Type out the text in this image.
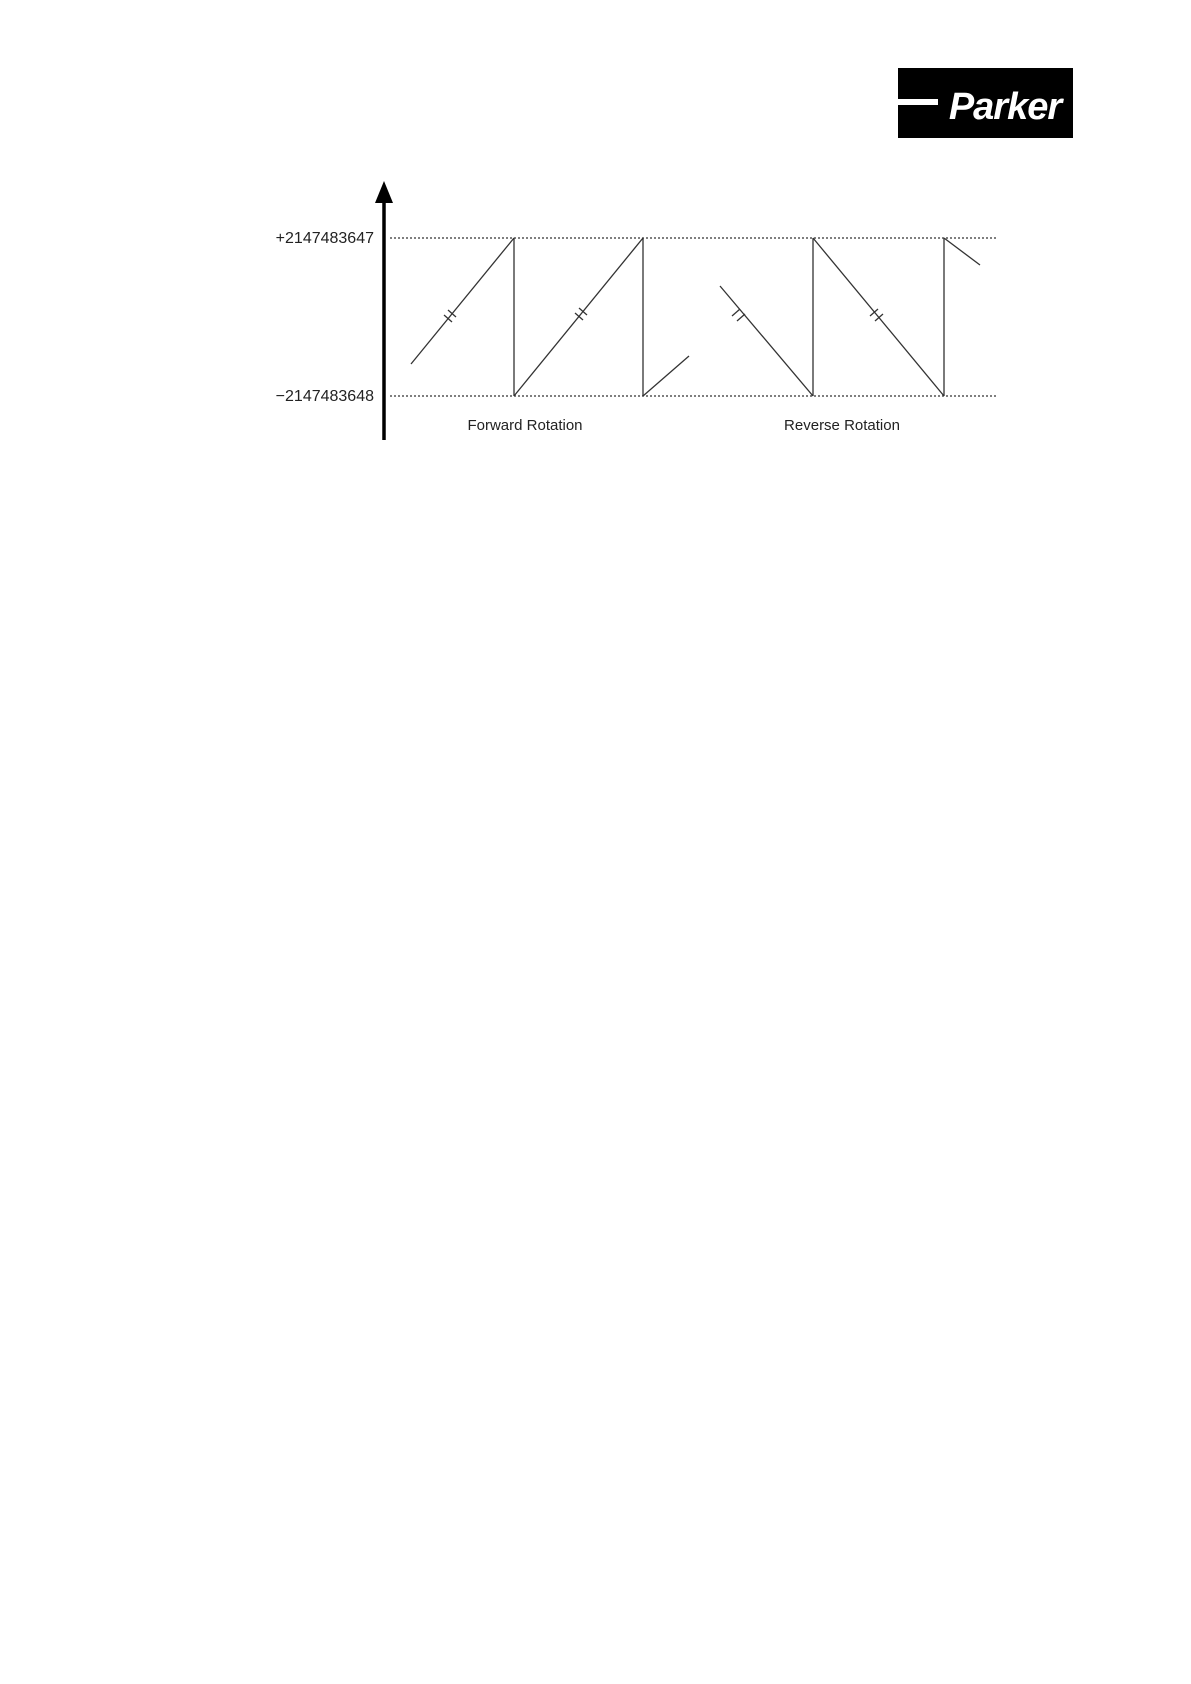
Parker
+2147483647
−2147483648
Forward Rotation	Reverse Rotation
